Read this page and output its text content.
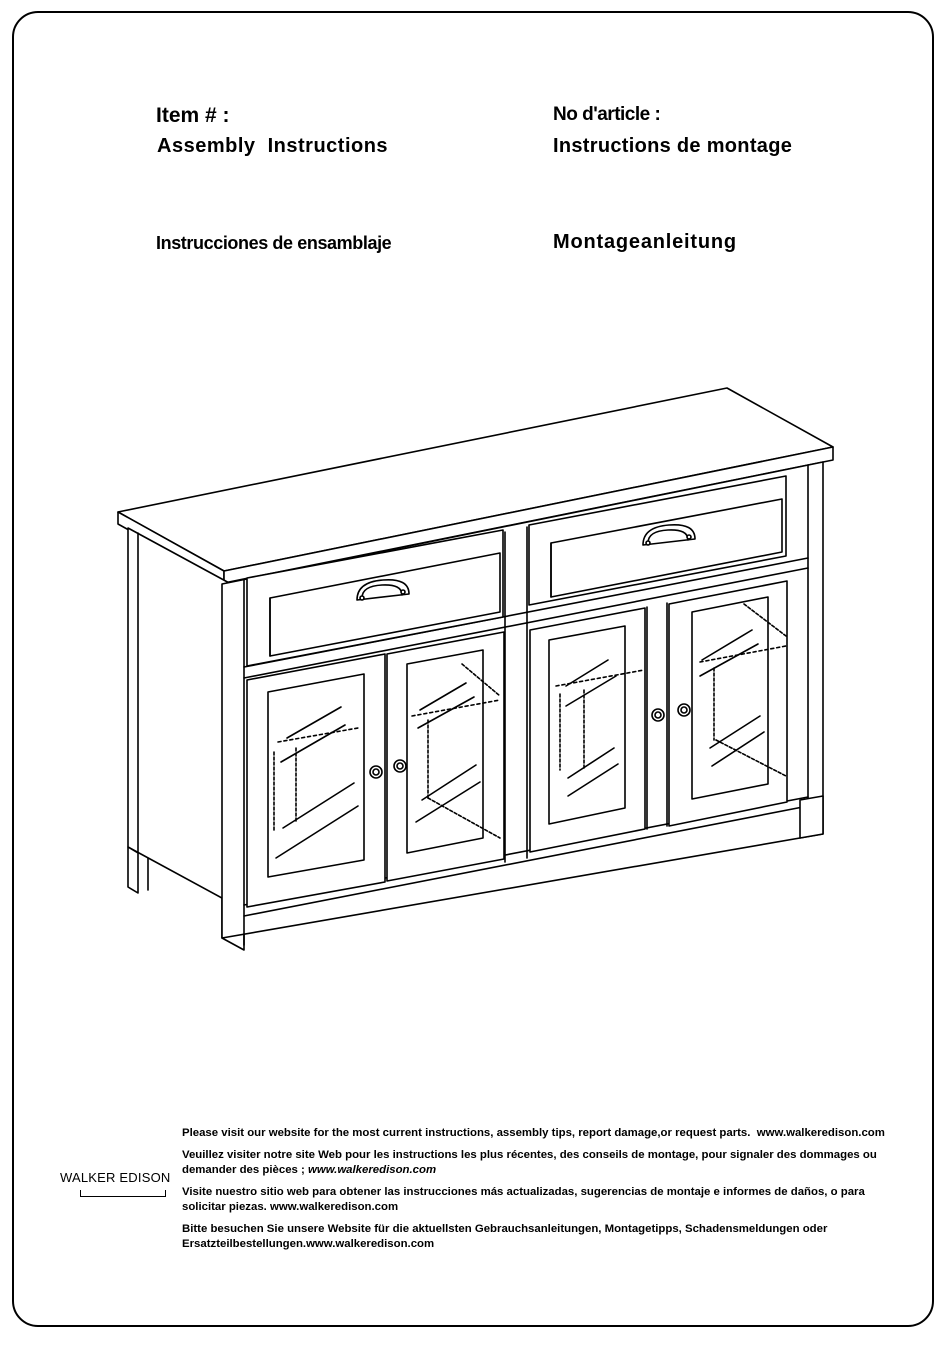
Item # :	No d'article :
Assembly  Instructions	Instructions de montage
Instrucciones de ensamblaje	Montageanleitung
WALKER EDISON

Please visit our website for the most current instructions, assembly tips, report damage,or request parts. www.walkeredison.com

Veuillez visiter notre site Web pour les instructions les plus récentes, des conseils de montage, pour signaler des dommages ou demander des pièces ; www.walkeredison.com

Visite nuestro sitio web para obtener las instrucciones más actualizadas, sugerencias de montaje e informes de daños, o para solicitar piezas. www.walkeredison.com

Bitte besuchen Sie unsere Website für die aktuellsten Gebrauchsanleitungen, Montagetipps, Schadensmeldungen oder Ersatzteilbestellungen.www.walkeredison.com
